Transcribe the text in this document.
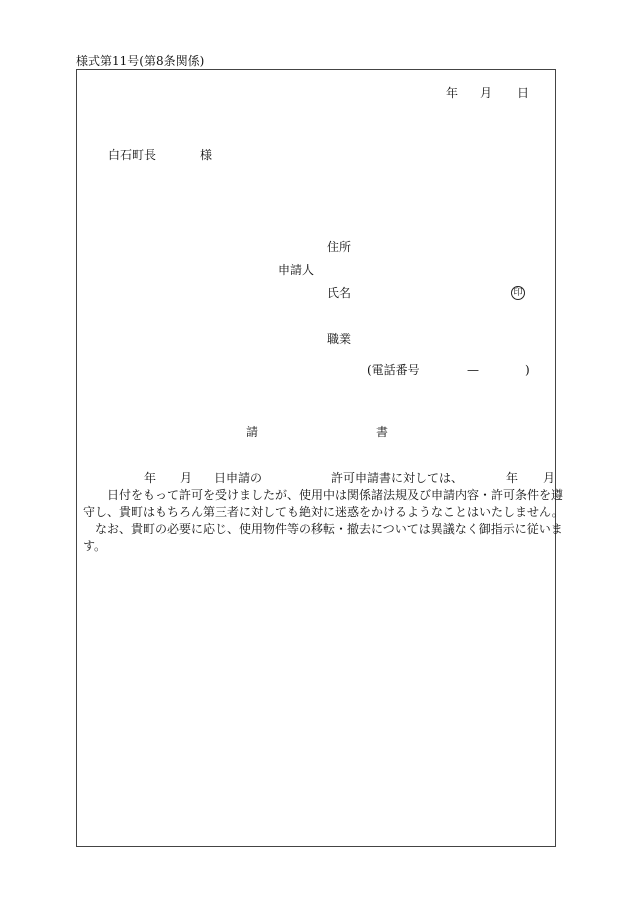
様式第11号(第8条関係)
年 月 日
白石町長	様
住所
申請人
氏名	印
職業
(電話番号	—	)
請	書
年 月 日申請の	許可申請書に対しては、	年 月
日付をもって許可を受けましたが、使用中は関係諸法規及び申請内容・許可条件を遵
守し、貴町はもちろん第三者に対しても絶対に迷惑をかけるようなことはいたしません。
なお、貴町の必要に応じ、使用物件等の移転・撤去については異議なく御指示に従いま
す。
